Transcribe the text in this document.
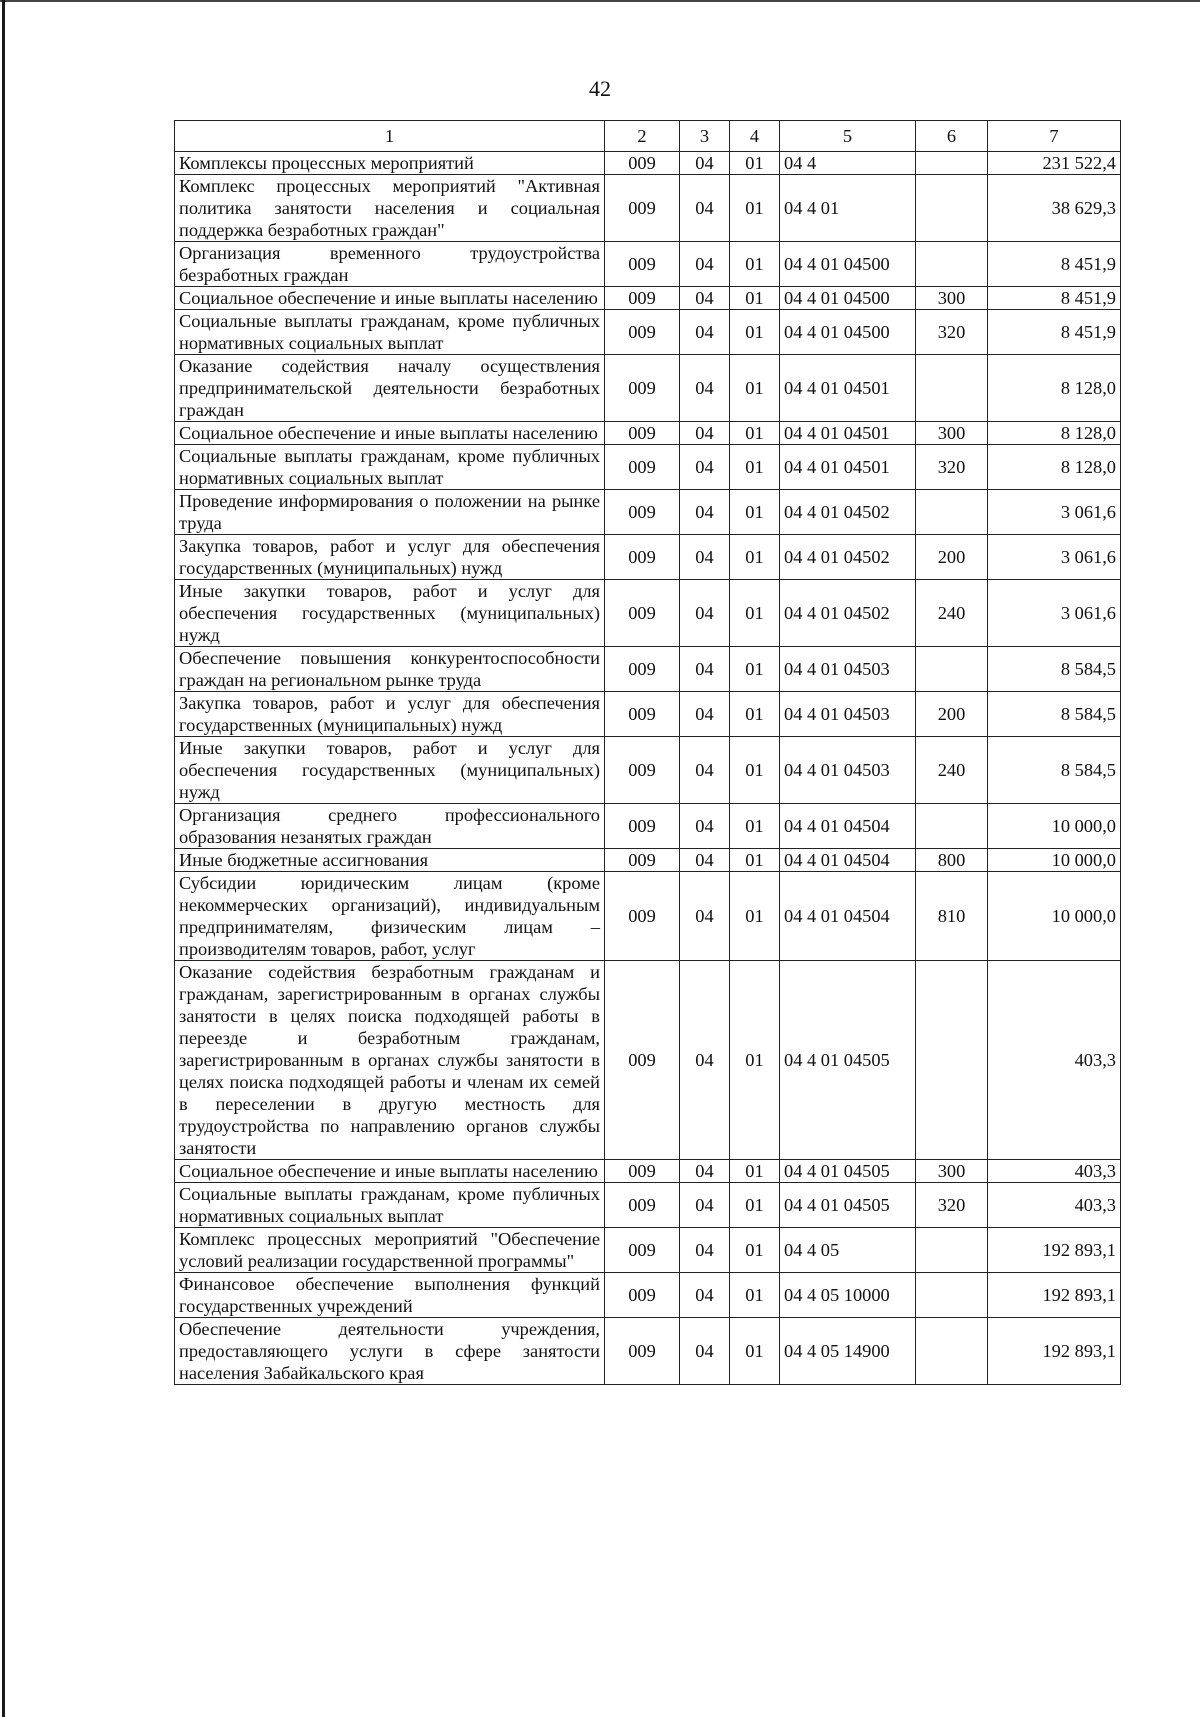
42
1	2	3	4	5	6	7
Комплексы процессных мероприятий	009	04	01	04 4		231 522,4
Комплекс процессных мероприятий "Активная политика занятости населения и социальная поддержка безработных граждан"	009	04	01	04 4 01		38 629,3
Организация временного трудоустройства безработных граждан	009	04	01	04 4 01 04500		8 451,9
Социальное обеспечение и иные выплаты населению	009	04	01	04 4 01 04500	300	8 451,9
Социальные выплаты гражданам, кроме публичных нормативных социальных выплат	009	04	01	04 4 01 04500	320	8 451,9
Оказание содействия началу осуществления предпринимательской деятельности безработных граждан	009	04	01	04 4 01 04501		8 128,0
Социальное обеспечение и иные выплаты населению	009	04	01	04 4 01 04501	300	8 128,0
Социальные выплаты гражданам, кроме публичных нормативных социальных выплат	009	04	01	04 4 01 04501	320	8 128,0
Проведение информирования о положении на рынке труда	009	04	01	04 4 01 04502		3 061,6
Закупка товаров, работ и услуг для обеспечения государственных (муниципальных) нужд	009	04	01	04 4 01 04502	200	3 061,6
Иные закупки товаров, работ и услуг для обеспечения государственных (муниципальных) нужд	009	04	01	04 4 01 04502	240	3 061,6
Обеспечение повышения конкурентоспособности граждан на региональном рынке труда	009	04	01	04 4 01 04503		8 584,5
Закупка товаров, работ и услуг для обеспечения государственных (муниципальных) нужд	009	04	01	04 4 01 04503	200	8 584,5
Иные закупки товаров, работ и услуг для обеспечения государственных (муниципальных) нужд	009	04	01	04 4 01 04503	240	8 584,5
Организация среднего профессионального образования незанятых граждан	009	04	01	04 4 01 04504		10 000,0
Иные бюджетные ассигнования	009	04	01	04 4 01 04504	800	10 000,0
Субсидии юридическим лицам (кроме некоммерческих организаций), индивидуальным предпринимателям, физическим лицам – производителям товаров, работ, услуг	009	04	01	04 4 01 04504	810	10 000,0
Оказание содействия безработным гражданам и гражданам, зарегистрированным в органах службы занятости в целях поиска подходящей работы в переезде и безработным гражданам, зарегистрированным в органах службы занятости в целях поиска подходящей работы и членам их семей в переселении в другую местность для трудоустройства по направлению органов службы занятости	009	04	01	04 4 01 04505		403,3
Социальное обеспечение и иные выплаты населению	009	04	01	04 4 01 04505	300	403,3
Социальные выплаты гражданам, кроме публичных нормативных социальных выплат	009	04	01	04 4 01 04505	320	403,3
Комплекс процессных мероприятий "Обеспечение условий реализации государственной программы"	009	04	01	04 4 05		192 893,1
Финансовое обеспечение выполнения функций государственных учреждений	009	04	01	04 4 05 10000		192 893,1
Обеспечение деятельности учреждения, предоставляющего услуги в сфере занятости населения Забайкальского края	009	04	01	04 4 05 14900		192 893,1
